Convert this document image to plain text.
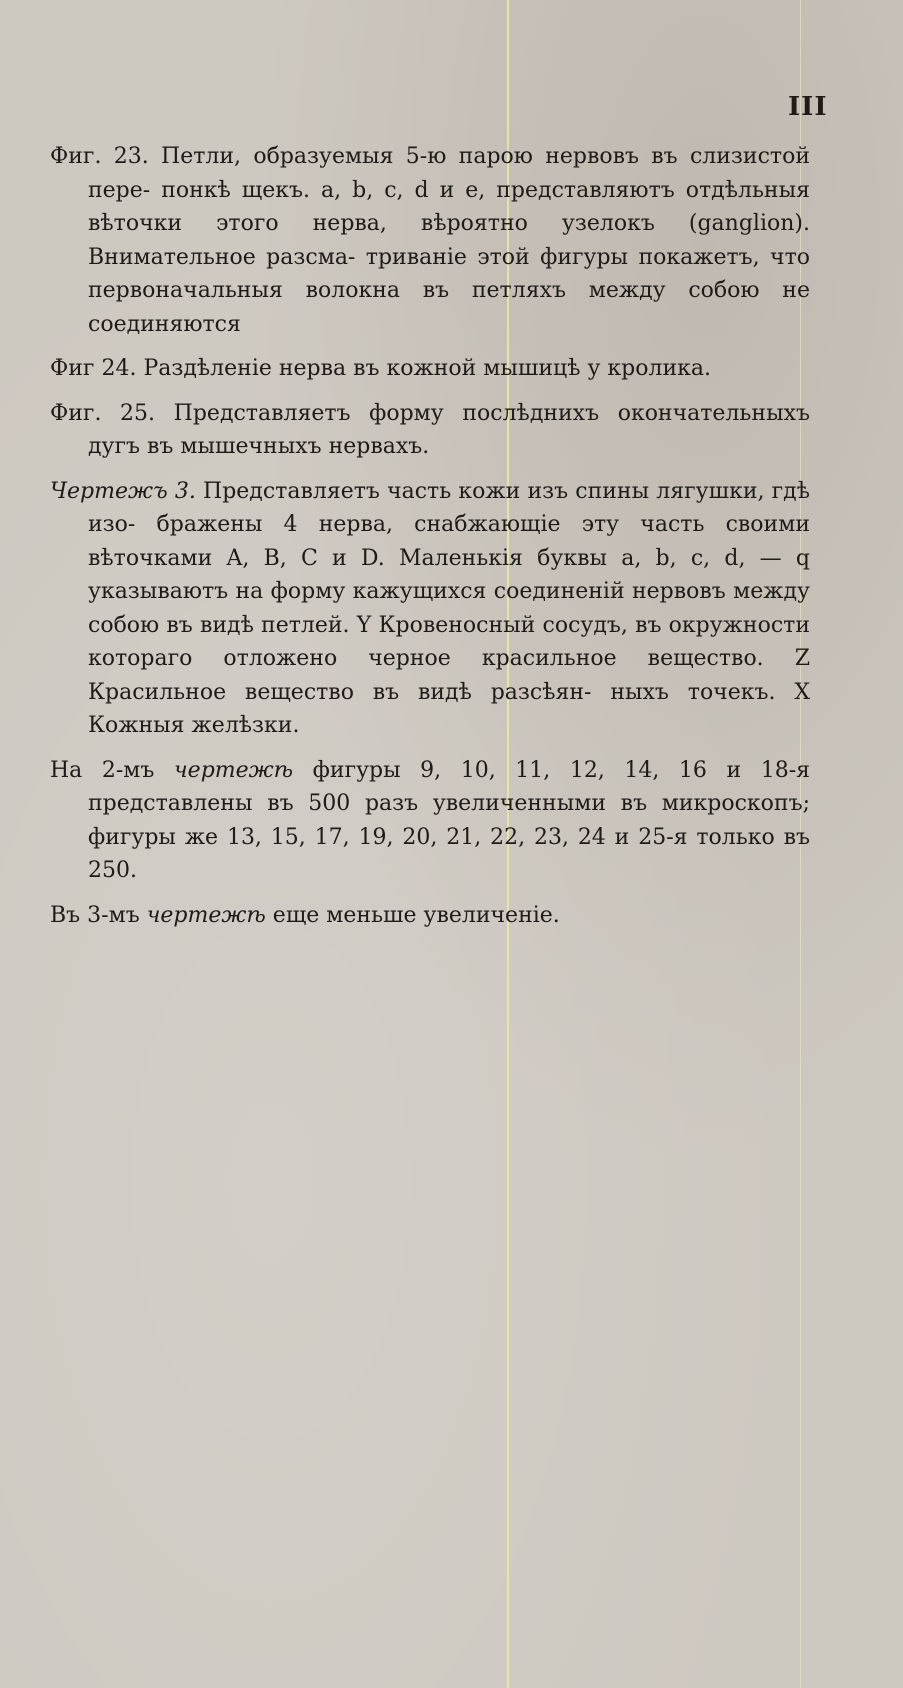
III

Фиг. 23. Петли, образуемыя 5-ю парою нервовъ въ слизистой пере- понкѣ щекъ. a, b, c, d и e, представляютъ отдѣльныя вѣточки этого нерва, вѣроятно узелокъ (ganglion). Внимательное разсма- триваніе этой фигуры покажетъ, что первоначальныя волокна въ петляхъ между собою не соединяются

Фиг 24. Раздѣленіе нерва въ кожной мышицѣ у кролика.

Фиг. 25. Представляетъ форму послѣднихъ окончательныхъ дугъ въ мышечныхъ нервахъ.

Чертежъ 3. Представляетъ часть кожи изъ спины лягушки, гдѣ изо- бражены 4 нерва, снабжающіе эту часть своими вѣточками A, B, C и D. Маленькія буквы a, b, c, d, — q указываютъ на форму кажущихся соединеній нервовъ между собою въ видѣ петлей. Y Кровеносный сосудъ, въ окружности котораго отложено черное красильное вещество. Z Красильное вещество въ видѣ разсѣян- ныхъ точекъ. X Кожныя желѣзки.

На 2-мъ чертежѣ фигуры 9, 10, 11, 12, 14, 16 и 18-я представлены въ 500 разъ увеличенными въ микроскопъ; фигуры же 13, 15, 17, 19, 20, 21, 22, 23, 24 и 25-я только въ 250.

Въ 3-мъ чертежѣ еще меньше увеличеніе.
